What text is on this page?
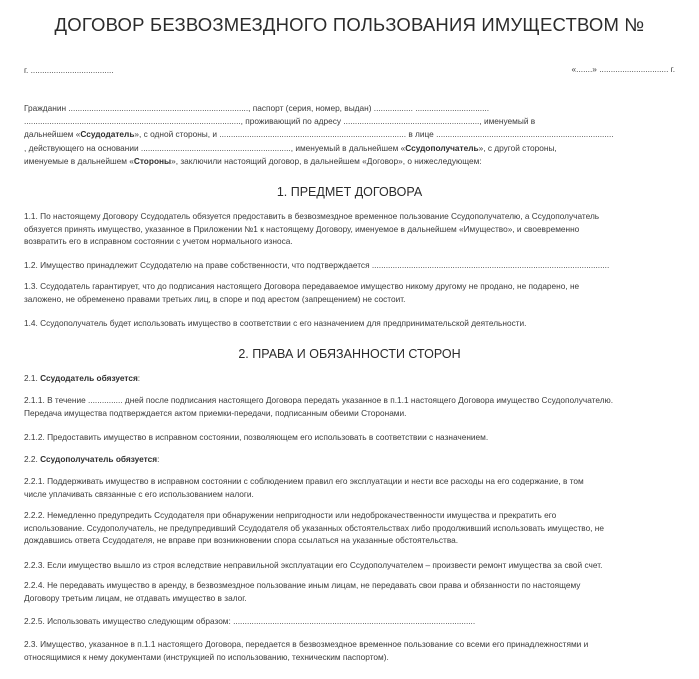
ДОГОВОР БЕЗВОЗМЕЗДНОГО ПОЛЬЗОВАНИЯ ИМУЩЕСТВОМ №
г. ....................................	«.......» .............................. г.
Гражданин .............................................................................., паспорт (серия, номер, выдан) ................. ................................
.............................................................................................., проживающий по адресу ..........................................................., именуемый в
дальнейшем «Ссудодатель», с одной стороны, и ................................................................................. в лице .............................................................................
, действующего на основании ................................................................., именуемый в дальнейшем «Ссудополучатель», с другой стороны,
именуемые в дальнейшем «Стороны», заключили настоящий договор, в дальнейшем «Договор», о нижеследующем:
1. ПРЕДМЕТ ДОГОВОРА
1.1. По настоящему Договору Ссудодатель обязуется предоставить в безвозмездное временное пользование Ссудополучателю, а Ссудополучатель
обязуется принять имущество, указанное в Приложении №1 к настоящему Договору, именуемое в дальнейшем «Имущество», и своевременно
возвратить его в исправном состоянии с учетом нормального износа.
1.2. Имущество принадлежит Ссудодателю на праве собственности, что подтверждается .......................................................................................................
1.3. Ссудодатель гарантирует, что до подписания настоящего Договора передаваемое имущество никому другому не продано, не подарено, не
заложено, не обременено правами третьих лиц, в споре и под арестом (запрещением) не состоит.
1.4. Ссудополучатель будет использовать имущество в соответствии с его назначением для предпринимательской деятельности.
2. ПРАВА И ОБЯЗАННОСТИ СТОРОН
2.1. Ссудодатель обязуется:
2.1.1. В течение ............... дней после подписания настоящего Договора передать указанное в п.1.1 настоящего Договора имущество Ссудополучателю.
Передача имущества подтверждается актом приемки-передачи, подписанным обеими Сторонами.
2.1.2. Предоставить имущество в исправном состоянии, позволяющем его использовать в соответствии с назначением.
2.2. Ссудополучатель обязуется:
2.2.1. Поддерживать имущество в исправном состоянии с соблюдением правил его эксплуатации и нести все расходы на его содержание, в том
числе уплачивать связанные с его использованием налоги.
2.2.2. Немедленно предупредить Ссудодателя при обнаружении непригодности или недоброкачественности имущества и прекратить его
использование. Ссудополучатель, не предупредивший Ссудодателя об указанных обстоятельствах либо продолживший использовать имущество, не
дождавшись ответа Ссудодателя, не вправе при возникновении спора ссылаться на указанные обстоятельства.
2.2.3. Если имущество вышло из строя вследствие неправильной эксплуатации его Ссудополучателем – произвести ремонт имущества за свой счет.
2.2.4. Не передавать имущество в аренду, в безвозмездное пользование иным лицам, не передавать свои права и обязанности по настоящему
Договору третьим лицам, не отдавать имущество в залог.
2.2.5. Использовать имущество следующим образом: .........................................................................................................
2.3. Имущество, указанное в п.1.1 настоящего Договора, передается в безвозмездное временное пользование со всеми его принадлежностями и
относящимися к нему документами (инструкцией по использованию, техническим паспортом).
